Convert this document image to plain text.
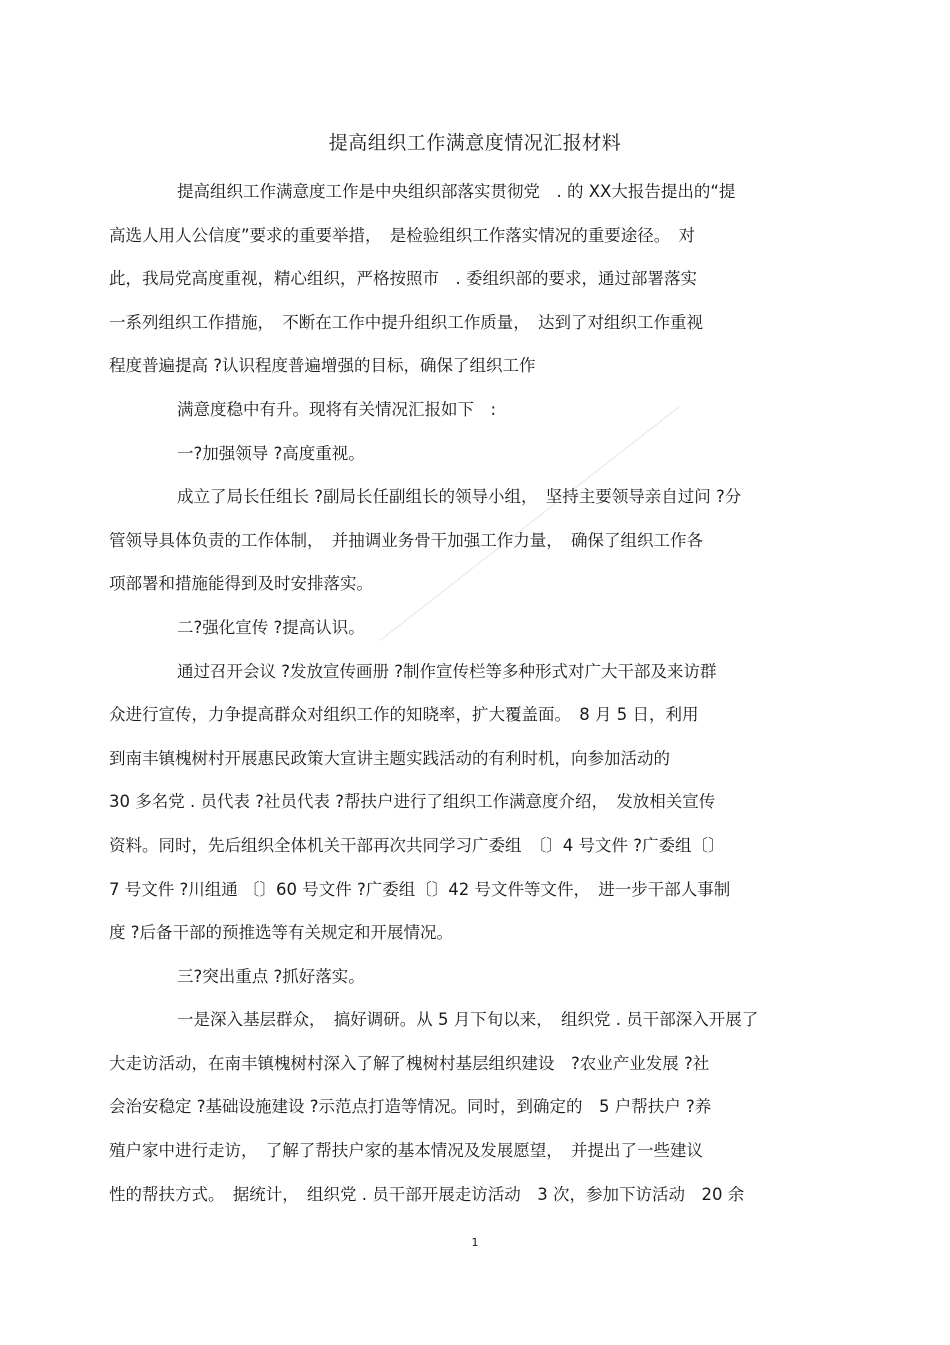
提高组织工作满意度情况汇报材料

提高组织工作满意度工作是中央组织部落实贯彻党　. 的 XX大报告提出的“提
高选人用人公信度”要求的重要举措，　是检验组织工作落实情况的重要途径。　对
此，我局党高度重视，精心组织，严格按照市　. 委组织部的要求，通过部署落实
一系列组织工作措施，　不断在工作中提升组织工作质量，　达到了对组织工作重视
程度普遍提高 ?认识程度普遍增强的目标，确保了组织工作

满意度稳中有升。现将有关情况汇报如下　:

一?加强领导 ?高度重视。

成立了局长任组长 ?副局长任副组长的领导小组，　坚持主要领导亲自过问 ?分
管领导具体负责的工作体制，　并抽调业务骨干加强工作力量，　确保了组织工作各
项部署和措施能得到及时安排落实。

二?强化宣传 ?提高认识。

通过召开会议 ?发放宣传画册 ?制作宣传栏等多种形式对广大干部及来访群
众进行宣传，力争提高群众对组织工作的知晓率，扩大覆盖面。　8 月 5 日，利用
到南丰镇槐树村开展惠民政策大宣讲主题实践活动的有利时机，向参加活动的
30 多名党 . 员代表 ?社员代表 ?帮扶户进行了组织工作满意度介绍，　发放相关宣传
资料。同时，先后组织全体机关干部再次共同学习广委组　〔〕4 号文件 ?广委组〔〕
7 号文件 ?川组通 〔〕60 号文件 ?广委组〔〕42 号文件等文件，　进一步干部人事制
度 ?后备干部的预推选等有关规定和开展情况。

三?突出重点 ?抓好落实。

一是深入基层群众，　搞好调研。从 5 月下旬以来，　组织党 . 员干部深入开展了
大走访活动，在南丰镇槐树村深入了解了槐树村基层组织建设　?农业产业发展 ?社
会治安稳定 ?基础设施建设 ?示范点打造等情况。同时，到确定的　5 户帮扶户 ?养
殖户家中进行走访，　了解了帮扶户家的基本情况及发展愿望，　并提出了一些建议
性的帮扶方式。　据统计，　组织党 . 员干部开展走访活动　3 次，参加下访活动　20 余

1
